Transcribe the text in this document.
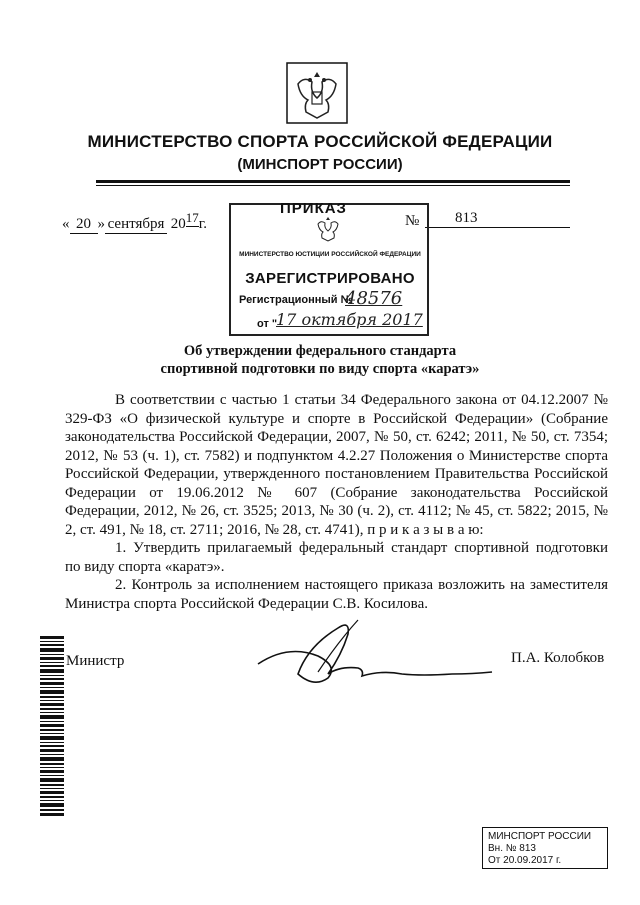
МИНИСТЕРСТВО СПОРТА РОССИЙСКОЙ ФЕДЕРАЦИИ
(МИНСПОРТ РОССИИ)
« 20 » сентября $20^{17}г$.	№	813
ПРИКАЗ
МИНИСТЕРСТВО ЮСТИЦИИ РОССИЙСКОЙ ФЕДЕРАЦИИ
ЗАРЕГИСТРИРОВАНО
Регистрационный №
48576
от "
17 октября 2017
Об утверждении федерального стандарта
спортивной подготовки по виду спорта «каратэ»

В соответствии с частью 1 статьи 34 Федерального закона от 04.12.2007 № 329-ФЗ «О физической культуре и спорте в Российской Федерации» (Собрание законодательства Российской Федерации, 2007, № 50, ст. 6242; 2011, № 50, ст. 7354; 2012, № 53 (ч. 1), ст. 7582) и подпунктом 4.2.27 Положения о Министерстве спорта Российской Федерации, утвержденного постановлением Правительства Российской Федерации от 19.06.2012 № 607 (Собрание законодательства Российской Федерации, 2012, № 26, ст. 3525; 2013, № 30 (ч. 2), ст. 4112; № 45, ст. 5822; 2015, № 2, ст. 491, № 18, ст. 2711; 2016, № 28, ст. 4741), п р и к а з ы в а ю:

1. Утвердить прилагаемый федеральный стандарт спортивной подготовки по виду спорта «каратэ».

2. Контроль за исполнением настоящего приказа возложить на заместителя Министра спорта Российской Федерации С.В. Косилова.

Министр	П.А. Колобков
МИНСПОРТ РОССИИ
Вн. № 813
От 20.09.2017 г.
